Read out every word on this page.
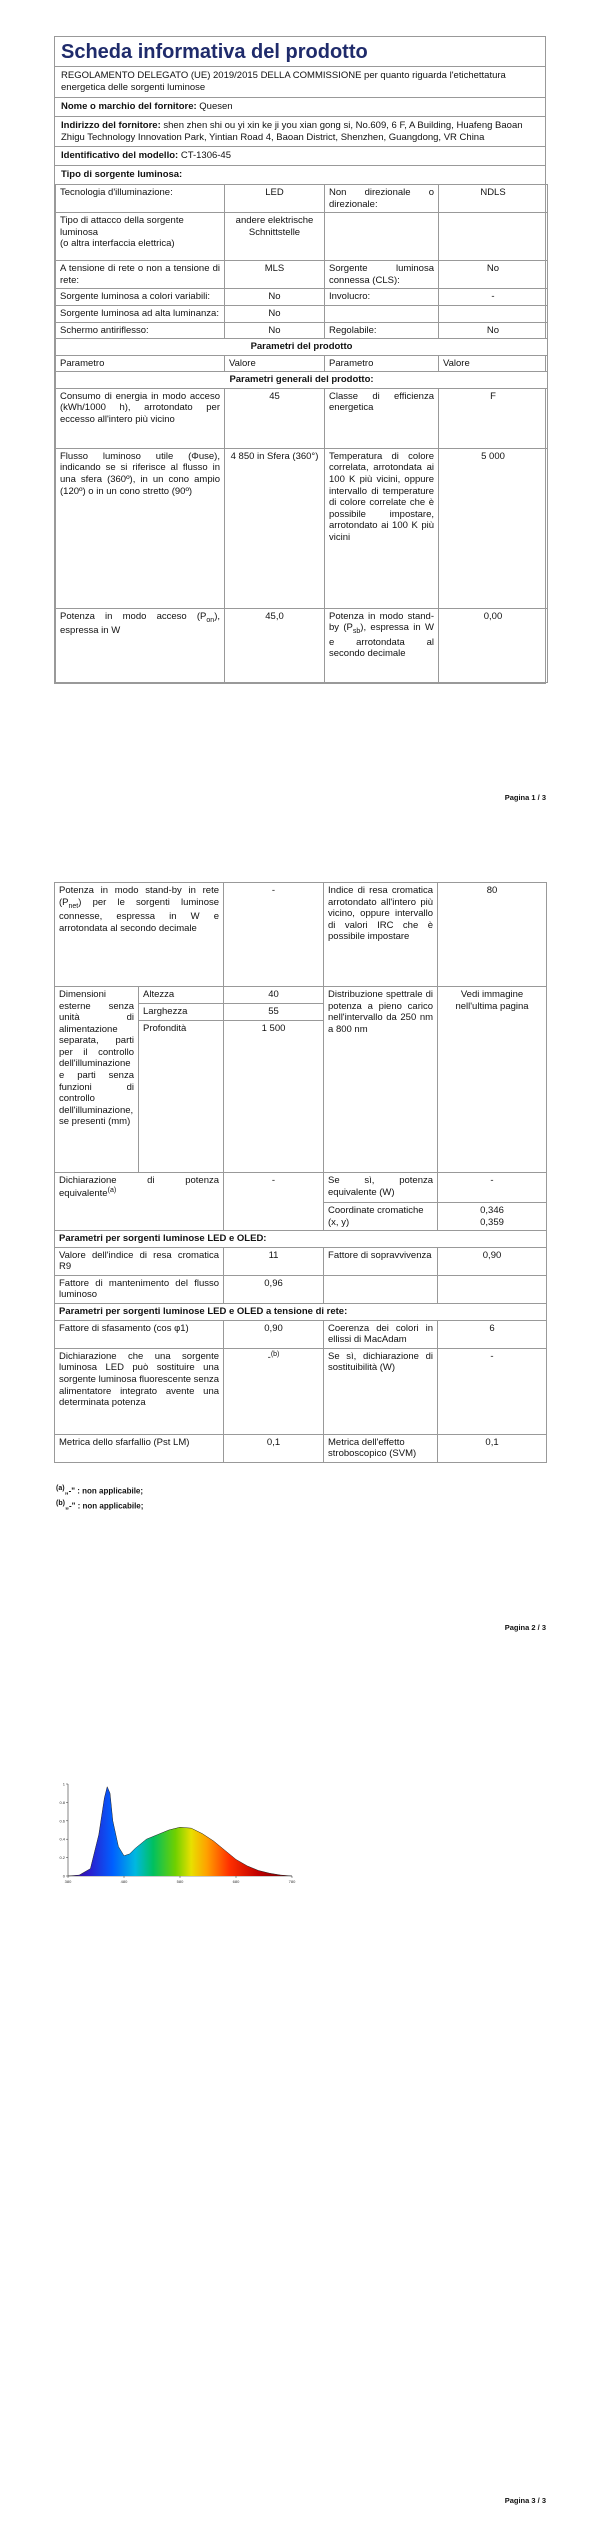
Scheda informativa del prodotto
REGOLAMENTO DELEGATO (UE) 2019/2015 DELLA COMMISSIONE per quanto riguarda l'etichettatura energetica delle sorgenti luminose
Nome o marchio del fornitore: Quesen
Indirizzo del fornitore: shen zhen shi ou yi xin ke ji you xian gong si, No.609, 6 F, A Building, Huafeng Baoan Zhigu Technology Innovation Park, Yintian Road 4, Baoan District, Shenzhen, Guangdong, VR China
Identificativo del modello: CT-1306-45
Tipo di sorgente luminosa:
Tecnologia d'illuminazione:	LED	Non direzionale o direzionale:	NDLS
Tipo di attacco della sorgente luminosa
(o altra interfaccia elettrica)	andere elektrische Schnittstelle		
A tensione di rete o non a tensione di rete:	MLS	Sorgente luminosa connessa (CLS):	No
Sorgente luminosa a colori variabili:	No	Involucro:	-
Sorgente luminosa ad alta luminanza:	No		
Schermo antiriflesso:	No	Regolabile:	No
Parametri del prodotto			
Parametro	Valore	Parametro	Valore
Parametri generali del prodotto:			
Consumo di energia in modo acceso (kWh/1000 h), arrotondato per eccesso all'intero più vicino	45	Classe di efficienza energetica	F
Flusso luminoso utile (Φuse), indicando se si riferisce al flusso in una sfera (360º), in un cono ampio (120º) o in un cono stretto (90º)	4 850 in Sfera (360°)	Temperatura di colore correlata, arrotondata ai 100 K più vicini, oppure intervallo di temperature di colore correlate che è possibile impostare, arrotondato ai 100 K più vicini	5 000
Potenza in modo acceso $(P_{on})$, espressa in W	45,0	Potenza in modo stand-by $(P_{sb})$, espressa in W e arrotondata al secondo decimale	0,00
Pagina 1 / 3
Potenza in modo stand-by in rete $(P_{net})$ per le sorgenti luminose connesse, espressa in W e arrotondata al secondo decimale		-	Indice di resa cromatica arrotondato all'intero più vicino, oppure intervallo di valori IRC che è possibile impostare	80
Dimensioni esterne senza unità di alimentazione separata, parti per il controllo dell'illuminazione e parti senza funzioni di controllo dell'illuminazione, se presenti (mm)	Altezza	40	Distribuzione spettrale di potenza a pieno carico nell'intervallo da 250 nm a 800 nm	Vedi immagine nell'ultima pagina
	Larghezza	55		
	Profondità	1 500		
Dichiarazione di potenza equivalente$^{(a)}$		-	Se sì, potenza equivalente (W)	-
			Coordinate cromatiche (x, y)	0,346
0,359
Parametri per sorgenti luminose LED e OLED:				
Valore dell'indice di resa cromatica R9		11	Fattore di sopravvivenza	0,90
Fattore di mantenimento del flusso luminoso		0,96		
Parametri per sorgenti luminose LED e OLED a tensione di rete:				
Fattore di sfasamento (cos φ1)		0,90	Coerenza dei colori in ellissi di MacAdam	6
Dichiarazione che una sorgente luminosa LED può sostituire una sorgente luminosa fluorescente senza alimentatore integrato avente una determinata potenza		-$^{(b)}$	Se sì, dichiarazione di sostituibilità (W)	-
Metrica dello sfarfallio (Pst LM)		0,1	Metrica dell'effetto stroboscopico (SVM)	0,1
(a)„-" : non applicabile;
(b)„-" : non applicabile;
Pagina 2 / 3
0
0.2
0.4
0.6
0.8
1
380	480	580	680	780
Pagina 3 / 3
